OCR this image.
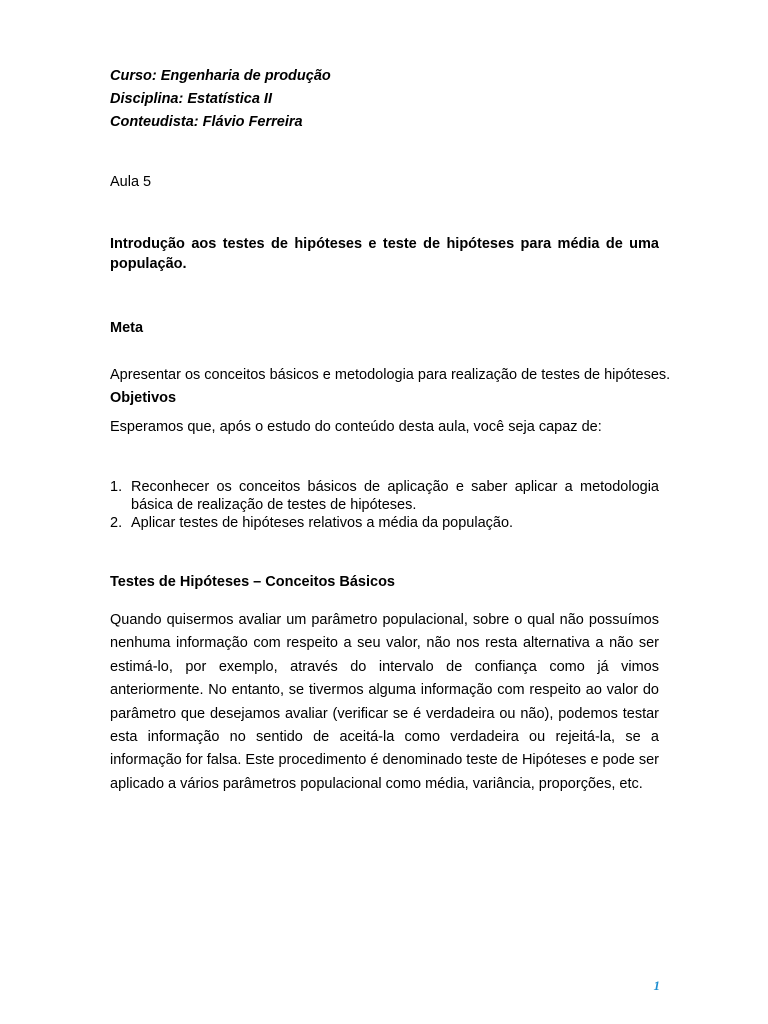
Curso: Engenharia de produção

Disciplina: Estatística II

Conteudista: Flávio Ferreira

Aula 5
Introdução aos testes de hipóteses e teste de hipóteses para média de uma população.
Meta
Apresentar os conceitos básicos e metodologia para realização de testes de hipóteses.
Objetivos
Esperamos que, após o estudo do conteúdo desta aula, você seja capaz de:
1. Reconhecer os conceitos básicos de aplicação e saber aplicar a metodologia básica de realização de testes de hipóteses.
2. Aplicar testes de hipóteses relativos a média da população.
Testes de Hipóteses – Conceitos Básicos

Quando quisermos avaliar um parâmetro populacional, sobre o qual não possuímos nenhuma informação com respeito a seu valor, não nos resta alternativa a não ser estimá-lo, por exemplo, através do intervalo de confiança como já vimos anteriormente. No entanto, se tivermos alguma informação com respeito ao valor do parâmetro que desejamos avaliar (verificar se é verdadeira ou não), podemos testar esta informação no sentido de aceitá-la como verdadeira ou rejeitá-la, se a informação for falsa. Este procedimento é denominado teste de Hipóteses e pode ser aplicado a vários parâmetros populacional como média, variância, proporções, etc.

1
